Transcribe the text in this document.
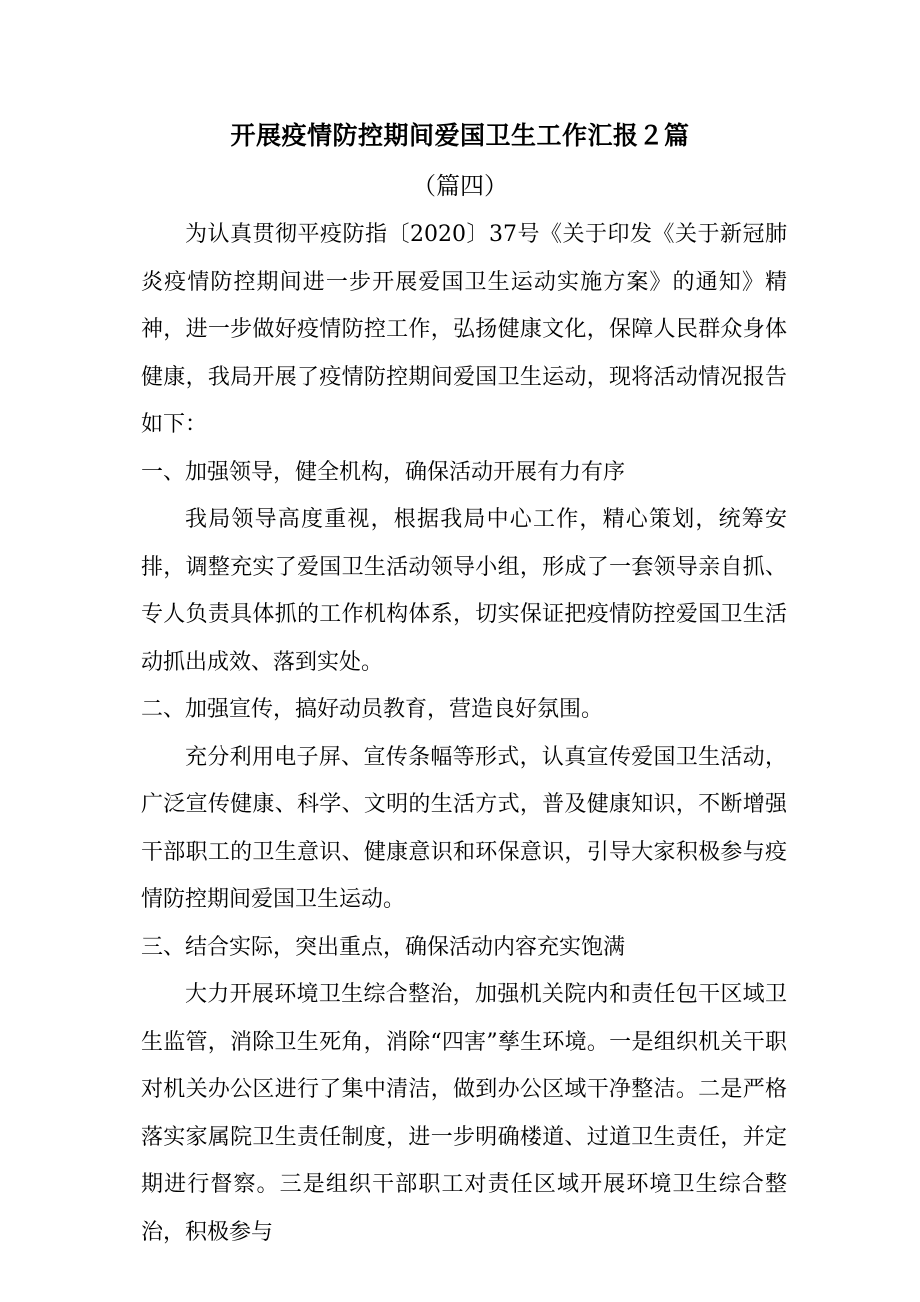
开展疫情防控期间爱国卫生工作汇报２篇

（篇四）

为认真贯彻平疫防指〔2020〕37号《关于印发《关于新冠肺炎疫情防控期间进一步开展爱国卫生运动实施方案》的通知》精神，进一步做好疫情防控工作，弘扬健康文化，保障人民群众身体健康，我局开展了疫情防控期间爱国卫生运动，现将活动情况报告如下：

一、加强领导，健全机构，确保活动开展有力有序

我局领导高度重视，根据我局中心工作，精心策划，统筹安排，调整充实了爱国卫生活动领导小组，形成了一套领导亲自抓、专人负责具体抓的工作机构体系，切实保证把疫情防控爱国卫生活动抓出成效、落到实处。

二、加强宣传，搞好动员教育，营造良好氛围。

充分利用电子屏、宣传条幅等形式，认真宣传爱国卫生活动，广泛宣传健康、科学、文明的生活方式，普及健康知识，不断增强干部职工的卫生意识、健康意识和环保意识，引导大家积极参与疫情防控期间爱国卫生运动。

三、结合实际，突出重点，确保活动内容充实饱满

大力开展环境卫生综合整治，加强机关院内和责任包干区域卫生监管，消除卫生死角，消除“四害”孳生环境。一是组织机关干职对机关办公区进行了集中清洁，做到办公区域干净整洁。二是严格落实家属院卫生责任制度，进一步明确楼道、过道卫生责任，并定期进行督察。三是组织干部职工对责任区域开展环境卫生综合整治，积极参与
